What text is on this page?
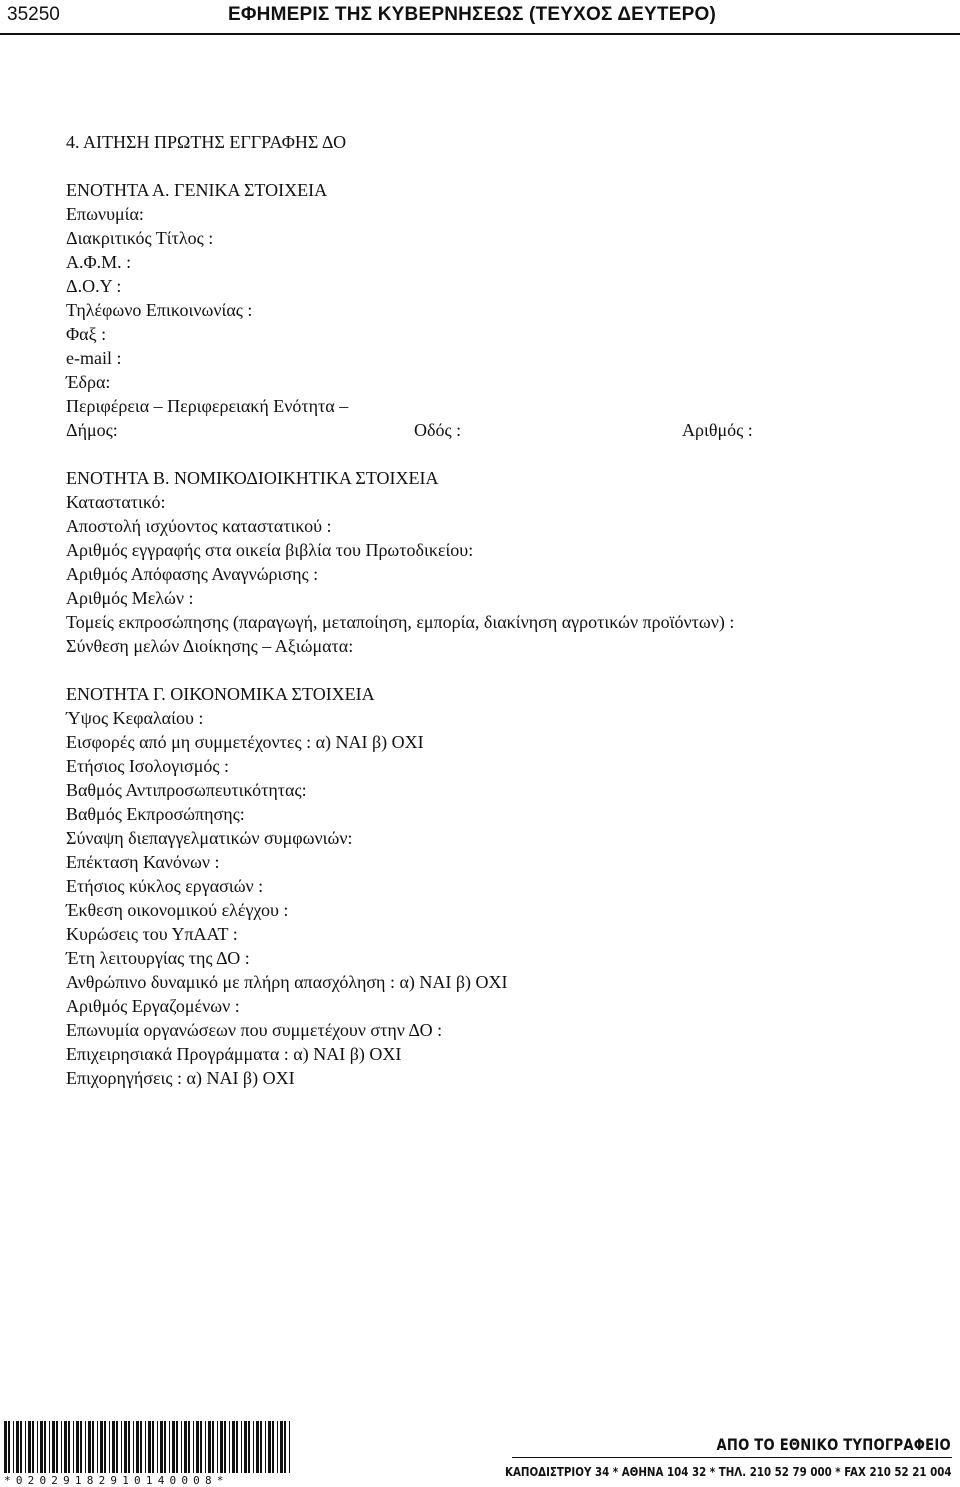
35250	ΕΦΗΜΕΡΙΣ ΤΗΣ ΚΥΒΕΡΝΗΣΕΩΣ (ΤΕΥΧΟΣ ΔΕΥΤΕΡΟ)
4. ΑΙΤΗΣΗ ΠΡΩΤΗΣ ΕΓΓΡΑΦΗΣ ΔΟ
ΕΝΟΤΗΤΑ Α. ΓΕΝΙΚΑ ΣΤΟΙΧΕΙΑ
Επωνυμία:
Διακριτικός Τίτλος :
Α.Φ.Μ. :
Δ.Ο.Υ :
Τηλέφωνο Επικοινωνίας :
Φαξ :
e-mail :
Έδρα:
Περιφέρεια – Περιφερειακή Ενότητα –
Δήμος:	Οδός :	Αριθμός :
ΕΝΟΤΗΤΑ Β. ΝΟΜΙΚΟΔΙΟΙΚΗΤΙΚΑ ΣΤΟΙΧΕΙΑ
Καταστατικό:
Αποστολή ισχύοντος καταστατικού :
Αριθμός εγγραφής στα οικεία βιβλία του Πρωτοδικείου:
Αριθμός Απόφασης Αναγνώρισης :
Αριθμός Μελών :
Τομείς εκπροσώπησης (παραγωγή, μεταποίηση, εμπορία, διακίνηση αγροτικών προϊόντων) :
Σύνθεση μελών Διοίκησης – Αξιώματα:
ΕΝΟΤΗΤΑ Γ. ΟΙΚΟΝΟΜΙΚΑ ΣΤΟΙΧΕΙΑ
Ύψος Κεφαλαίου :
Εισφορές από μη συμμετέχοντες : α) ΝΑΙ β) ΟΧΙ
Ετήσιος Ισολογισμός :
Βαθμός Αντιπροσωπευτικότητας:
Βαθμός Εκπροσώπησης:
Σύναψη διεπαγγελματικών συμφωνιών:
Επέκταση Κανόνων :
Ετήσιος κύκλος εργασιών :
Έκθεση οικονομικού ελέγχου :
Κυρώσεις του ΥπΑΑΤ :
Έτη λειτουργίας της ΔΟ :
Ανθρώπινο δυναμικό με πλήρη απασχόληση : α) ΝΑΙ β) ΟΧΙ
Αριθμός Εργαζομένων :
Επωνυμία οργανώσεων που συμμετέχουν στην ΔΟ :
Επιχειρησιακά Προγράμματα : α) ΝΑΙ β) ΟΧΙ
Επιχορηγήσεις : α) ΝΑΙ β) ΟΧΙ
*02029182910140008*
ΑΠΟ ΤΟ ΕΘΝΙΚΟ ΤΥΠΟΓΡΑΦΕΙΟ
ΚΑΠΟΔΙΣΤΡΙΟΥ 34 * ΑΘΗΝΑ 104 32 * ΤΗΛ. 210 52 79 000 * FAX 210 52 21 004
